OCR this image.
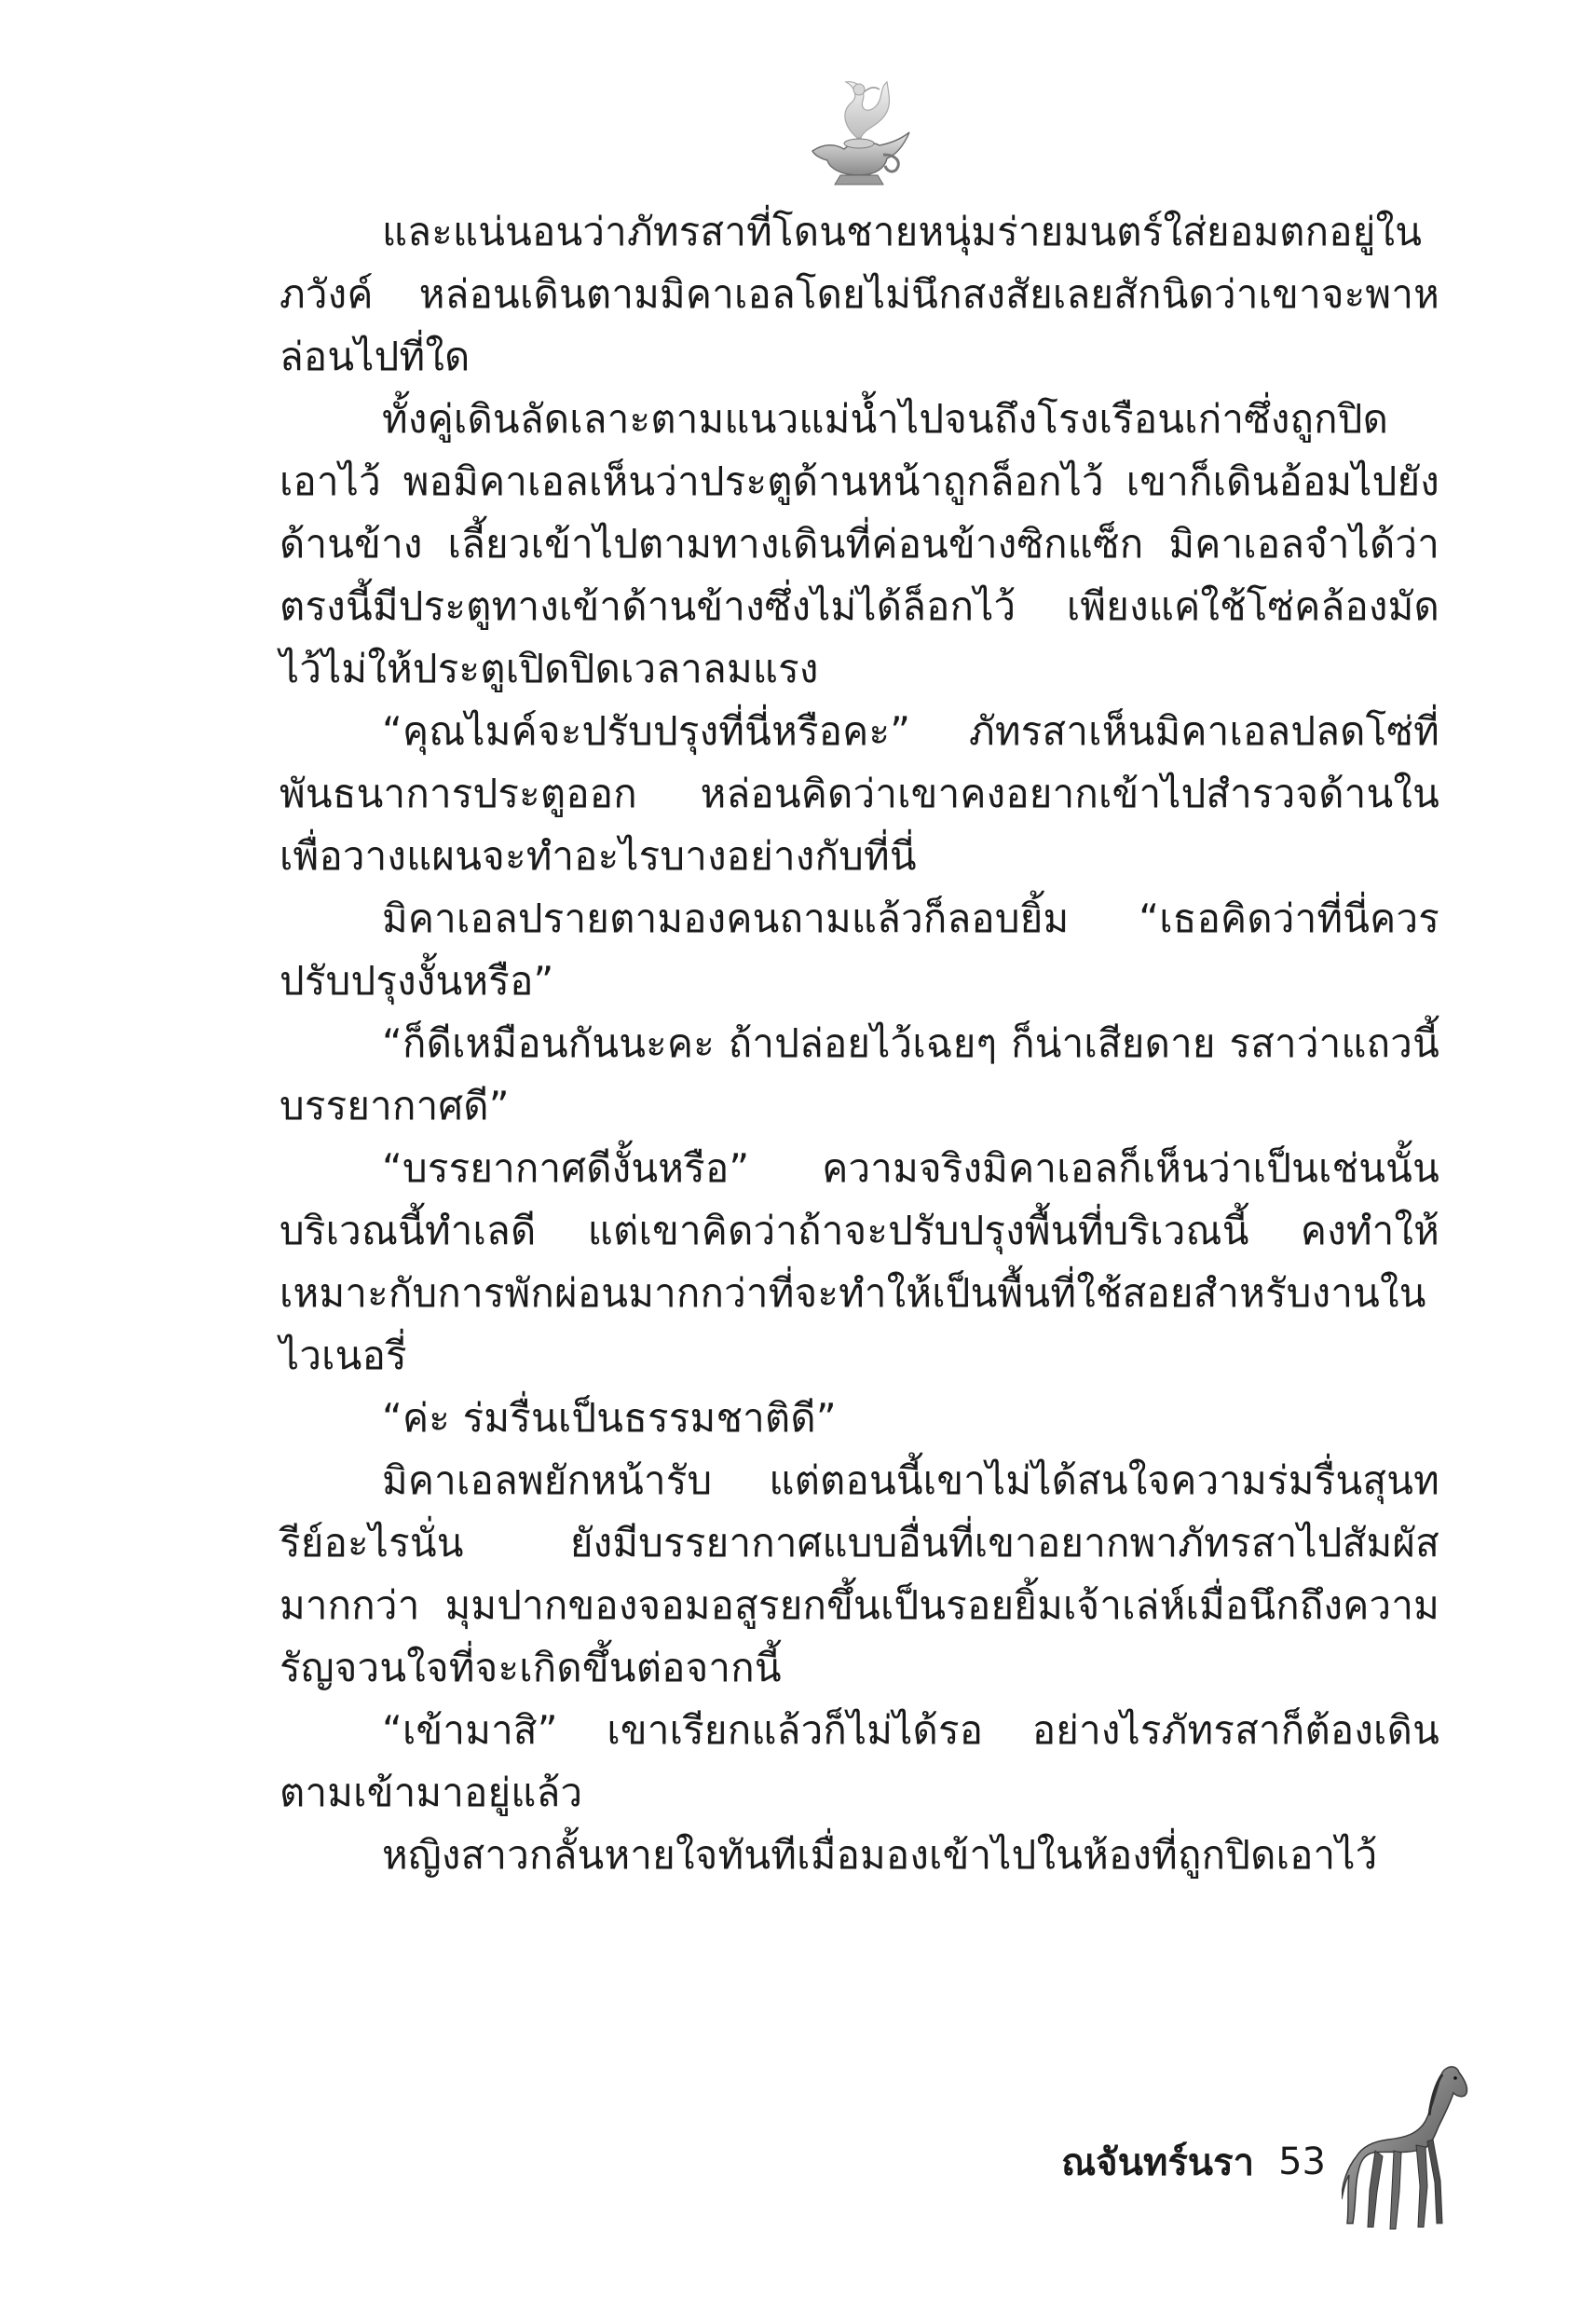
และแน่นอนว่าภัทรสาที่โดนชายหนุ่มร่ายมนตร์ใส่ยอมตกอยู่ในภวังค์ หล่อนเดินตามมิคาเอลโดยไม่นึกสงสัยเลยสักนิดว่าเขาจะพาหล่อนไปที่ใด

ทั้งคู่เดินลัดเลาะตามแนวแม่น้ำไปจนถึงโรงเรือนเก่าซึ่งถูกปิดเอาไว้ พอมิคาเอลเห็นว่าประตูด้านหน้าถูกล็อกไว้ เขาก็เดินอ้อมไปยังด้านข้าง เลี้ยวเข้าไปตามทางเดินที่ค่อนข้างซิกแซ็ก มิคาเอลจำได้ว่าตรงนี้มีประตูทางเข้าด้านข้างซึ่งไม่ได้ล็อกไว้ เพียงแค่ใช้โซ่คล้องมัดไว้ไม่ให้ประตูเปิดปิดเวลาลมแรง

“คุณไมค์จะปรับปรุงที่นี่หรือคะ” ภัทรสาเห็นมิคาเอลปลดโซ่ที่พันธนาการประตูออก หล่อนคิดว่าเขาคงอยากเข้าไปสำรวจด้านในเพื่อวางแผนจะทำอะไรบางอย่างกับที่นี่

มิคาเอลปรายตามองคนถามแล้วก็ลอบยิ้ม “เธอคิดว่าที่นี่ควรปรับปรุงงั้นหรือ”

“ก็ดีเหมือนกันนะคะ ถ้าปล่อยไว้เฉยๆ ก็น่าเสียดาย รสาว่าแถวนี้บรรยากาศดี”

“บรรยากาศดีงั้นหรือ” ความจริงมิคาเอลก็เห็นว่าเป็นเช่นนั้น บริเวณนี้ทำเลดี แต่เขาคิดว่าถ้าจะปรับปรุงพื้นที่บริเวณนี้ คงทำให้เหมาะกับการพักผ่อนมากกว่าที่จะทำให้เป็นพื้นที่ใช้สอยสำหรับงานในไวเนอรี่

“ค่ะ ร่มรื่นเป็นธรรมชาติดี”

มิคาเอลพยักหน้ารับ แต่ตอนนี้เขาไม่ได้สนใจความร่มรื่นสุนทรีย์อะไรนั่น ยังมีบรรยากาศแบบอื่นที่เขาอยากพาภัทรสาไปสัมผัสมากกว่า มุมปากของจอมอสูรยกขึ้นเป็นรอยยิ้มเจ้าเล่ห์เมื่อนึกถึงความรัญจวนใจที่จะเกิดขึ้นต่อจากนี้

“เข้ามาสิ” เขาเรียกแล้วก็ไม่ได้รอ อย่างไรภัทรสาก็ต้องเดินตามเข้ามาอยู่แล้ว

หญิงสาวกลั้นหายใจทันทีเมื่อมองเข้าไปในห้องที่ถูกปิดเอาไว้

ณจันทร์นรา 53
